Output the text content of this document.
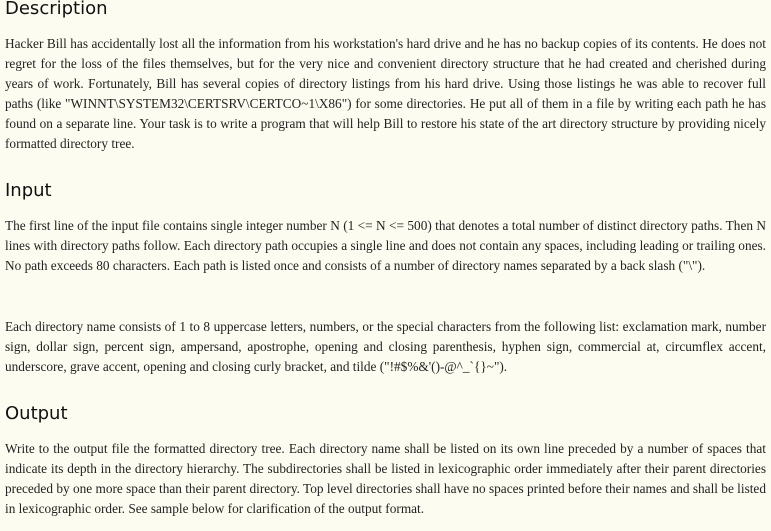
Description

Hacker Bill has accidentally lost all the information from his workstation's hard drive and he has no backup copies of its contents. He does not regret for the loss of the files themselves, but for the very nice and convenient directory structure that he had created and cherished during years of work. Fortunately, Bill has several copies of directory listings from his hard drive. Using those listings he was able to recover full paths (like "WINNT\SYSTEM32\CERTSRV\CERTCO~1\X86") for some directories. He put all of them in a file by writing each path he has found on a separate line. Your task is to write a program that will help Bill to restore his state of the art directory structure by providing nicely formatted directory tree.

Input

The first line of the input file contains single integer number N (1 <= N <= 500) that denotes a total number of distinct directory paths. Then N lines with directory paths follow. Each directory path occupies a single line and does not contain any spaces, including leading or trailing ones. No path exceeds 80 characters. Each path is listed once and consists of a number of directory names separated by a back slash ("\").

Each directory name consists of 1 to 8 uppercase letters, numbers, or the special characters from the following list: exclamation mark, number sign, dollar sign, percent sign, ampersand, apostrophe, opening and closing parenthesis, hyphen sign, commercial at, circumflex accent, underscore, grave accent, opening and closing curly bracket, and tilde ("!#$%&'()-@^_`{}~").

Output

Write to the output file the formatted directory tree. Each directory name shall be listed on its own line preceded by a number of spaces that indicate its depth in the directory hierarchy. The subdirectories shall be listed in lexicographic order immediately after their parent directories preceded by one more space than their parent directory. Top level directories shall have no spaces printed before their names and shall be listed in lexicographic order. See sample below for clarification of the output format.
